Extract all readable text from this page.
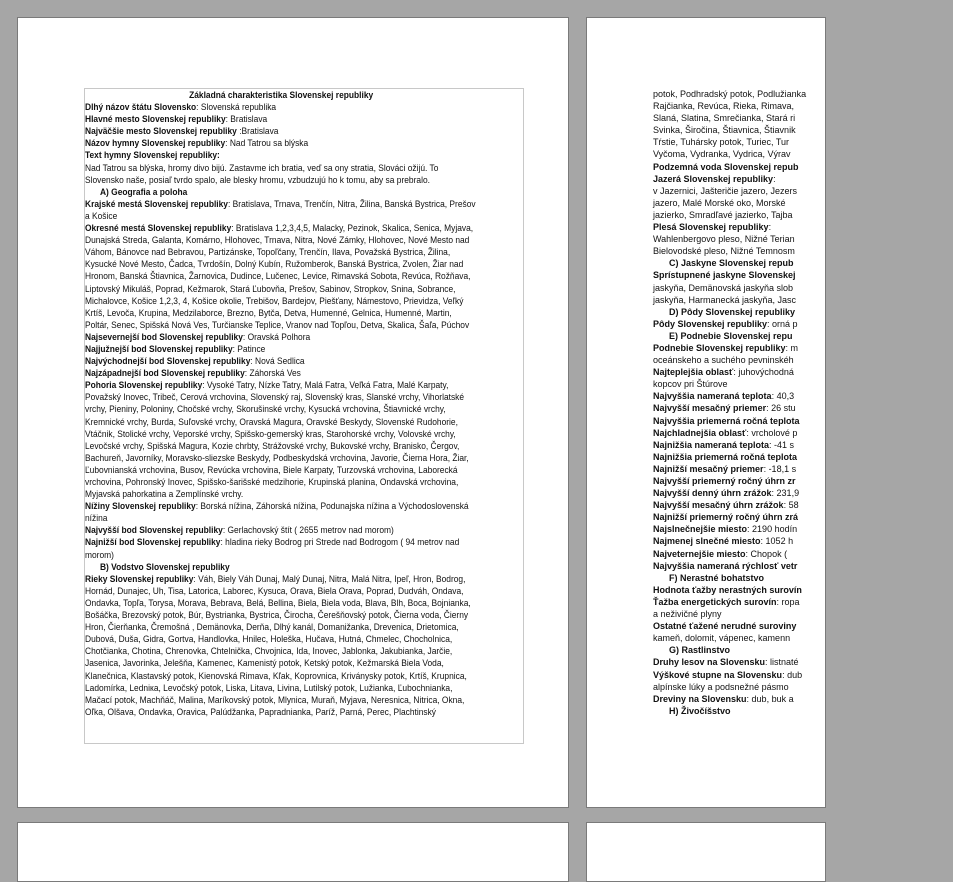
Základná charakteristika Slovenskej republiky

Dlhý názov štátu Slovensko: Slovenská republika

Hlavné mesto Slovenskej republiky: Bratislava

Najväčšie mesto Slovenskej republiky :Bratislava

Názov hymny Slovenskej republiky: Nad Tatrou sa blýska

Text hymny Slovenskej republiky:

Nad Tatrou sa blýska, hromy divo bijú. Zastavme ich bratia, veď sa ony stratia, Slováci ožijú. To Slovensko naše, posiaľ tvrdo spalo, ale blesky hromu, vzbudzujú ho k tomu, aby sa prebralo.

A) Geografia a poloha

Krajské mestá Slovenskej republiky: Bratislava, Trnava, Trenčín, Nitra, Žilina, Banská Bystrica, Prešov a Košice

Okresné mestá Slovenskej republiky: Bratislava 1,2,3,4,5, Malacky, Pezinok, Skalica, Senica, Myjava, Dunajská Streda, Galanta, Komárno, Hlohovec, Trnava, Nitra, Nové Zámky, Hlohovec, Nové Mesto nad Váhom, Bánovce nad Bebravou, Partizánske, Topoľčany, Trenčín, Ilava, Považská Bystrica, Žilina, Kysucké Nové Mesto, Čadca, Tvrdošín, Dolný Kubín, Ružomberok, Banská Bystrica, Zvolen, Žiar nad Hronom, Banská Štiavnica, Žarnovica, Dudince, Lučenec, Levice, Rimavská Sobota, Revúca, Rožňava, Liptovský Mikuláš, Poprad, Kežmarok, Stará Ľubovňa, Prešov, Sabinov, Stropkov, Snina, Sobrance, Michalovce, Košice 1,2,3, 4, Košice okolie, Trebišov, Bardejov, Piešťany, Námestovo, Prievidza, Veľký Krtíš, Levoča, Krupina, Medzilaborce, Brezno, Bytča, Detva, Humenné, Gelnica, Humenné, Martin, Poltár, Senec, Spišská Nová Ves, Turčianske Teplice, Vranov nad Topľou, Detva, Skalica, Šaľa, Púchov

Najsevernejší bod Slovenskej republiky: Oravská Polhora

Najjužnejší bod Slovenskej republiky: Patince

Najvýchodnejší bod Slovenskej republiky: Nová Sedlica

Najzápadnejší bod Slovenskej republiky: Záhorská Ves

Pohoria Slovenskej republiky: Vysoké Tatry, Nízke Tatry, Malá Fatra, Veľká Fatra, Malé Karpaty, Považský Inovec, Tribeč, Cerová vrchovina, Slovenský raj, Slovenský kras, Slanské vrchy, Vihorlatské vrchy, Pieniny, Poloniny, Chočské vrchy, Skorušinské vrchy, Kysucká vrchovina, Štiavnické vrchy, Kremnické vrchy, Burda, Suľovské vrchy, Oravská Magura, Oravské Beskydy, Slovenské Rudohorie, Vtáčnik, Stolické vrchy, Veporské vrchy, Spišsko-gemerský kras, Starohorské vrchy, Volovské vrchy, Levočské vrchy, Spišská Magura, Kozie chrbty, Strážovské vrchy, Bukovské vrchy, Branisko, Čergov, Bachureň, Javorníky, Moravsko-sliezske Beskydy, Podbeskydská vrchovina, Javorie, Čierna Hora, Žiar, Ľubovnianská vrchovina, Busov, Revúcka vrchovina, Biele Karpaty, Turzovská vrchovina, Laborecká vrchovina, Pohronský Inovec, Spišsko-šarišské medzihorie, Krupinská planina, Ondavská vrchovina, Myjavská pahorkatina a Zemplínské vrchy.

Nížiny Slovenskej republiky: Borská nížina, Záhorská nížina, Podunajska nížina a Východoslovenská nížina

Najvyšší bod Slovenskej republiky: Gerlachovský štít ( 2655 metrov nad morom)

Najnižší bod Slovenskej republiky: hladina rieky Bodrog pri Strede nad Bodrogom ( 94 metrov nad morom)

B) Vodstvo Slovenskej republiky

Rieky Slovenskej republiky: Váh, Biely Váh Dunaj, Malý Dunaj, Nitra, Malá Nitra, Ipeľ, Hron, Bodrog, Hornád, Dunajec, Uh, Tisa, Latorica, Laborec, Kysuca, Orava, Biela Orava, Poprad, Dudváh, Ondava, Ondavka, Topľa, Torysa, Morava, Bebrava, Belá, Bellina, Biela, Biela voda, Blava, Blh, Boca, Bojnianka, Bošáčka, Brezovský potok, Búr, Bystrianka, Bystrica, Čirocha, Čerešňovský potok, Čierna voda, Čierny Hron, Čierňanka, Čremošná , Demänovka, Derňa, Dlhý kanál, Domanižanka, Drevenica, Drietomica, Dubová, Duša, Gidra, Gortva, Handlovka, Hnilec, Holeška, Hučava, Hutná, Chmelec, Chocholnica, Chotčianka, Chotina, Chrenovka, Chtelnička, Chvojnica, Ida, Inovec, Jablonka, Jakubianka, Jarčie, Jasenica, Javorinka, Jelešňa, Kamenec, Kamenistý potok, Ketský potok, Kežmarská Biela Voda, Klanečnica, Klastavský potok, Kienovská Rimava, Kľak, Koprovnica, Kriványsky potok, Krtíš, Krupnica, Ladomírka, Ledniка, Levočský potok, Liska, Litava, Livina, Lutilský potok, Lužianka, Ľubochnianka, Mačací potok, Machňáč, Malina, Maríkovský potok, Mlynica, Muraň, Myjava, Neresnica, Nitrica, Okna, Oľka, Olšava, Ondavka, Oravica, Palúdžanka, Papradnianka, Paríž, Parná, Perec, Plachtinský

potok, Podhradský potok, Podlužianka

Rajčianka, Revúca, Rieka, Rimava,

Slaná, Slatina, Smrečianka, Stará ri

Svinka, Širočina, Štiavnica, Štiavnik

Tŕstie, Tuhársky potok, Turiec, Tur

Vyčoma, Vydranka, Vydrica, Výrav

Podzemná voda Slovenskej repub

Jazerá Slovenskej republiky:

v Jazernici, Jašteričie jazero, Jezers

jazero, Malé Morské oko, Morské

jazierko, Smradľavé jazierko, Tajba

Plesá Slovenskej republiky:

Wahlenbergovo pleso, Nižné Terian

Bielovodské pleso, Nižné Temnosm

C) Jaskyne Slovenskej repub

Sprístupnené jaskyne Slovenskej

jaskyňa, Demänovská jaskyňa slob

jaskyňa, Harmanecká jaskyňa, Jasc

D) Pôdy Slovenskej republiky

Pôdy Slovenskej republiky: orná p

E) Podnebie Slovenskej repu

Podnebie Slovenskej republiky: m

oceánskeho a suchého pevninskéh

Najteplejšia oblasť: juhovýchodná

kopcov pri Štúrove

Najvyššia nameraná teplota: 40,3

Najvyšší mesačný priemer: 26 stu

Najvyššia priemerná ročná teplota

Najchladnejšia oblasť: vrcholové p

Najnižšia nameraná teplota: -41 s

Najnižšia priemerná ročná teplota

Najnižší mesačný priemer: -18,1 s

Najvyšší priemerný ročný úhrn zr

Najvyšší denný úhrn zrážok: 231,9

Najvyšší mesačný úhrn zrážok: 58

Najnižší priemerný ročný úhrn zrá

Najslnečnejšie miesto: 2190 hodín

Najmenej slnečné miesto: 1052 h

Najveternejšie miesto: Chopok (

Najvyššia nameraná rýchlosť vetr

F) Nerastné bohatstvo

Hodnota ťažby nerastných surovín

Ťažba energetických surovín: ropa

a neživičné plyny

Ostatné ťažené nerudné suroviny

kameň, dolomit, vápenec, kamenn

G) Rastlinstvo

Druhy lesov na Slovensku: listnaté

Výškové stupne na Slovensku: dub

alpínske lúky a podsnežné pásmo

Dreviny na Slovensku: dub, buk a

H) Živočíšstvo
